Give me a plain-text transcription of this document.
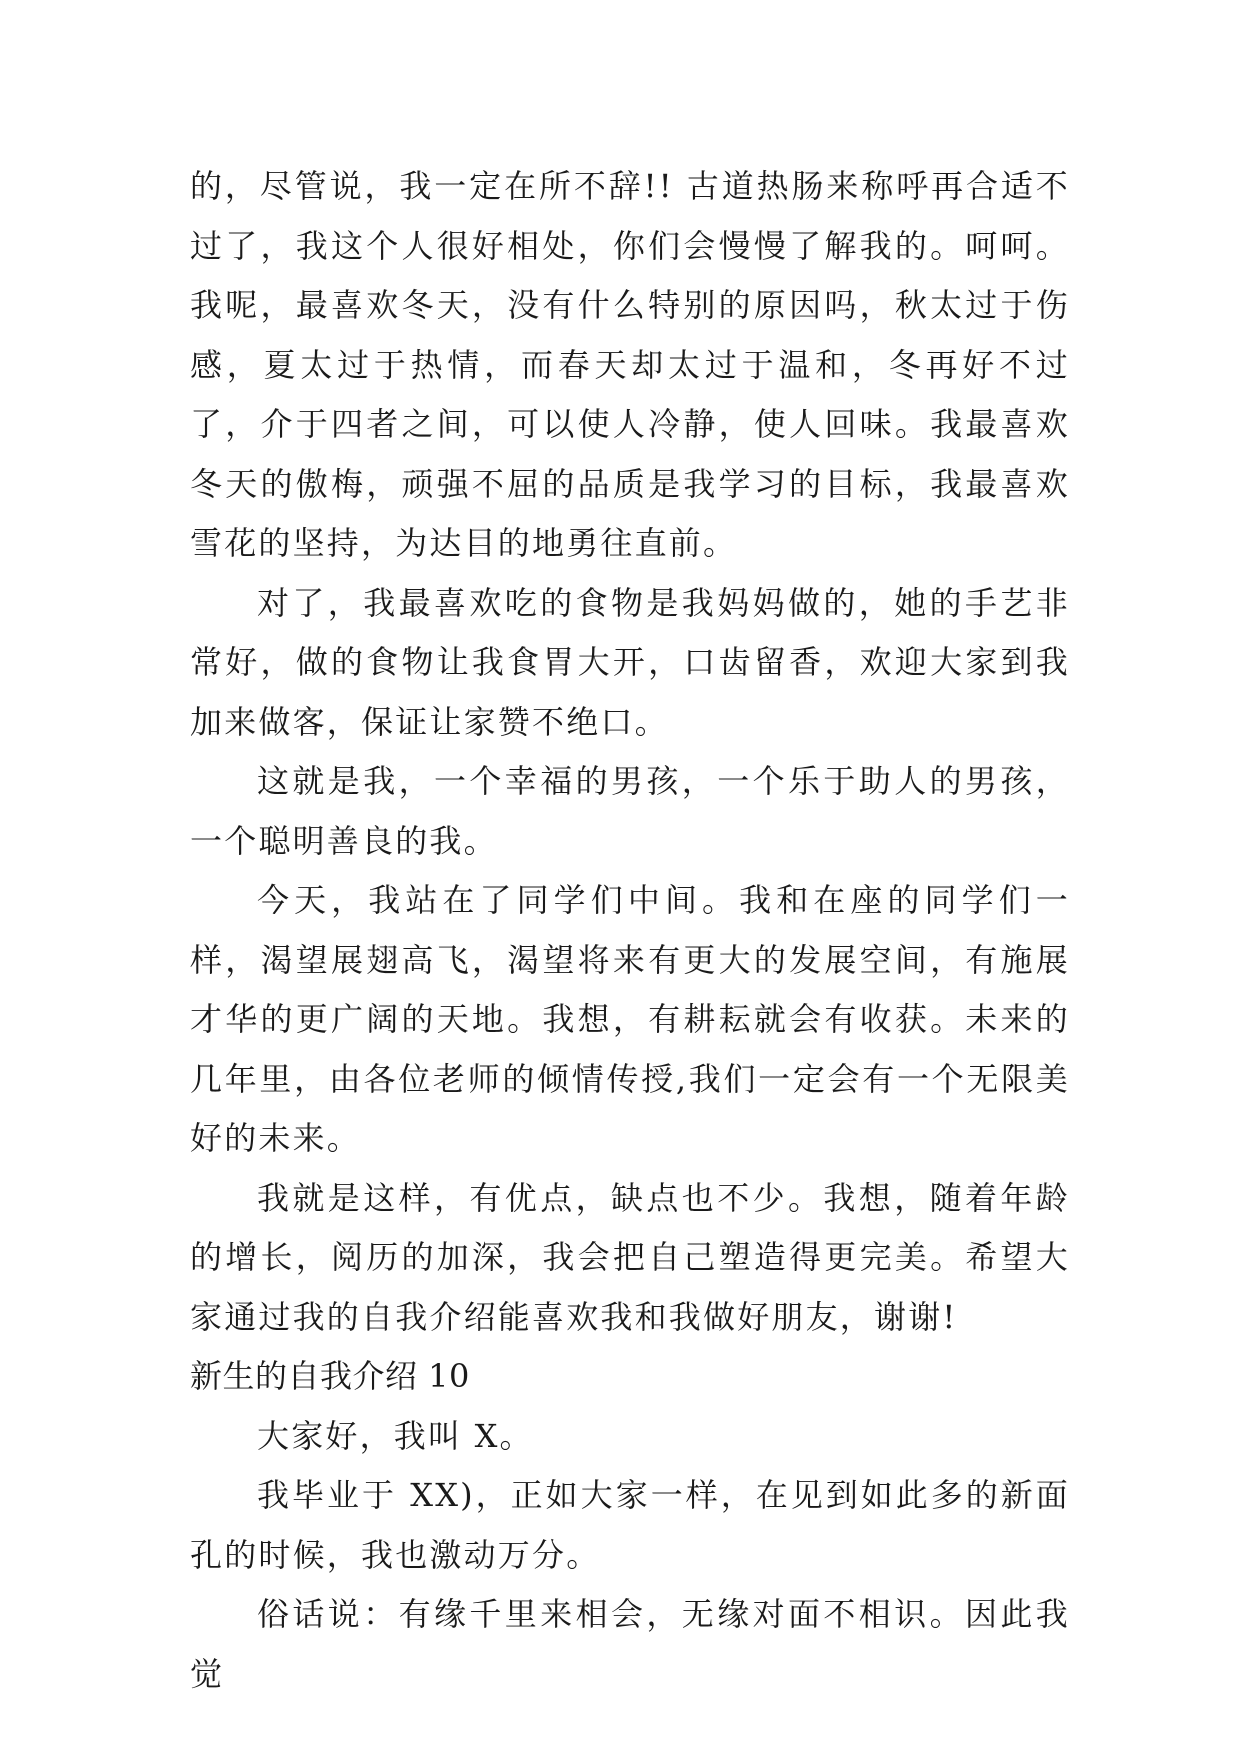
的，尽管说，我一定在所不辞!! 古道热肠来称呼再合适不过了，我这个人很好相处，你们会慢慢了解我的。呵呵。我呢，最喜欢冬天，没有什么特别的原因吗，秋太过于伤感，夏太过于热情，而春天却太过于温和，冬再好不过了，介于四者之间，可以使人冷静，使人回味。我最喜欢冬天的傲梅，顽强不屈的品质是我学习的目标，我最喜欢雪花的坚持，为达目的地勇往直前。

对了，我最喜欢吃的食物是我妈妈做的，她的手艺非常好，做的食物让我食胃大开，口齿留香，欢迎大家到我加来做客，保证让家赞不绝口。

这就是我，一个幸福的男孩，一个乐于助人的男孩，一个聪明善良的我。

今天，我站在了同学们中间。我和在座的同学们一样，渴望展翅高飞，渴望将来有更大的发展空间，有施展才华的更广阔的天地。我想，有耕耘就会有收获。未来的几年里，由各位老师的倾情传授,我们一定会有一个无限美好的未来。

我就是这样，有优点，缺点也不少。我想，随着年龄的增长，阅历的加深，我会把自己塑造得更完美。希望大家通过我的自我介绍能喜欢我和我做好朋友，谢谢!

新生的自我介绍 10

大家好，我叫 X。

我毕业于 XX)，正如大家一样，在见到如此多的新面孔的时候，我也激动万分。

俗话说：有缘千里来相会，无缘对面不相识。因此我觉
